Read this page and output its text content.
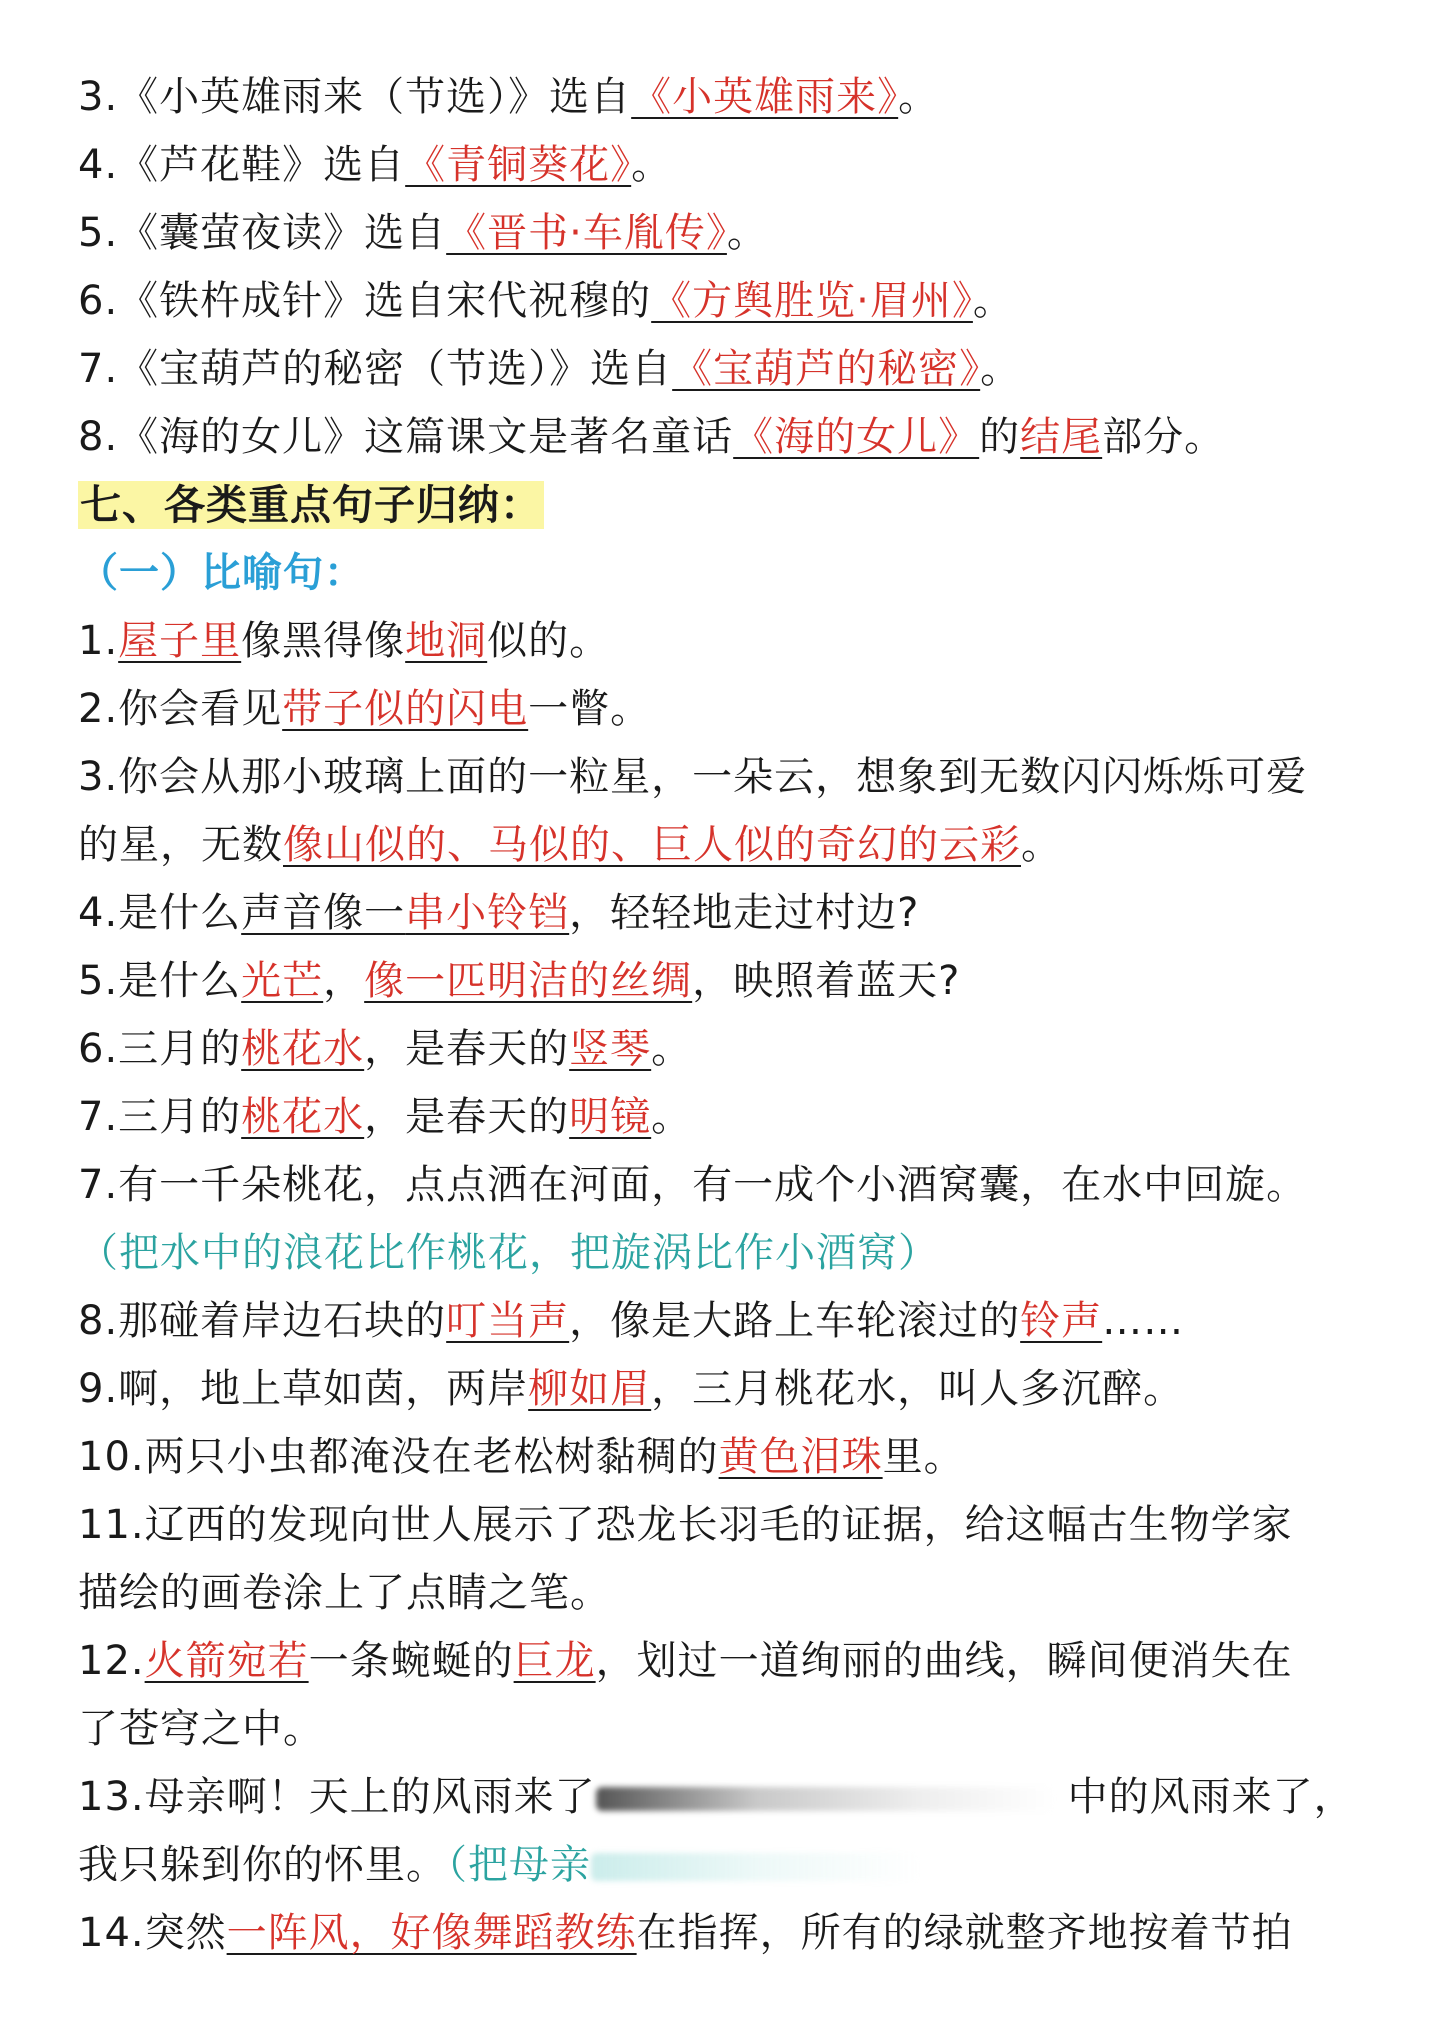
3.《小英雄雨来（节选）》选自《小英雄雨来》。
4.《芦花鞋》选自《青铜葵花》。
5.《囊萤夜读》选自《晋书·车胤传》。
6.《铁杵成针》选自宋代祝穆的《方舆胜览·眉州》。
7.《宝葫芦的秘密（节选）》选自《宝葫芦的秘密》。
8.《海的女儿》这篇课文是著名童话《海的女儿》的结尾部分。
七、各类重点句子归纳：
（一）比喻句：
1.屋子里像黑得像地洞似的。
2.你会看见带子似的闪电一瞥。
3.你会从那小玻璃上面的一粒星，一朵云，想象到无数闪闪烁烁可爱
的星，无数像山似的、马似的、巨人似的奇幻的云彩。
4.是什么声音像一串小铃铛，轻轻地走过村边?
5.是什么光芒，像一匹明洁的丝绸，映照着蓝天?
6.三月的桃花水，是春天的竖琴。
7.三月的桃花水，是春天的明镜。
7.有一千朵桃花，点点洒在河面，有一成个小酒窝囊，在水中回旋。
（把水中的浪花比作桃花，把旋涡比作小酒窝）
8.那碰着岸边石块的叮当声，像是大路上车轮滚过的铃声……
9.啊，地上草如茵，两岸柳如眉，三月桃花水，叫人多沉醉。
10.两只小虫都淹没在老松树黏稠的黄色泪珠里。
11.辽西的发现向世人展示了恐龙长羽毛的证据，给这幅古生物学家
描绘的画卷涂上了点睛之笔。
12.火箭宛若一条蜿蜒的巨龙，划过一道绚丽的曲线，瞬间便消失在
了苍穹之中。
13.母亲啊！天上的风雨来了	中的风雨来了，
我只躲到你的怀里。（把母亲
14.突然一阵风，好像舞蹈教练在指挥，所有的绿就整齐地按着节拍
